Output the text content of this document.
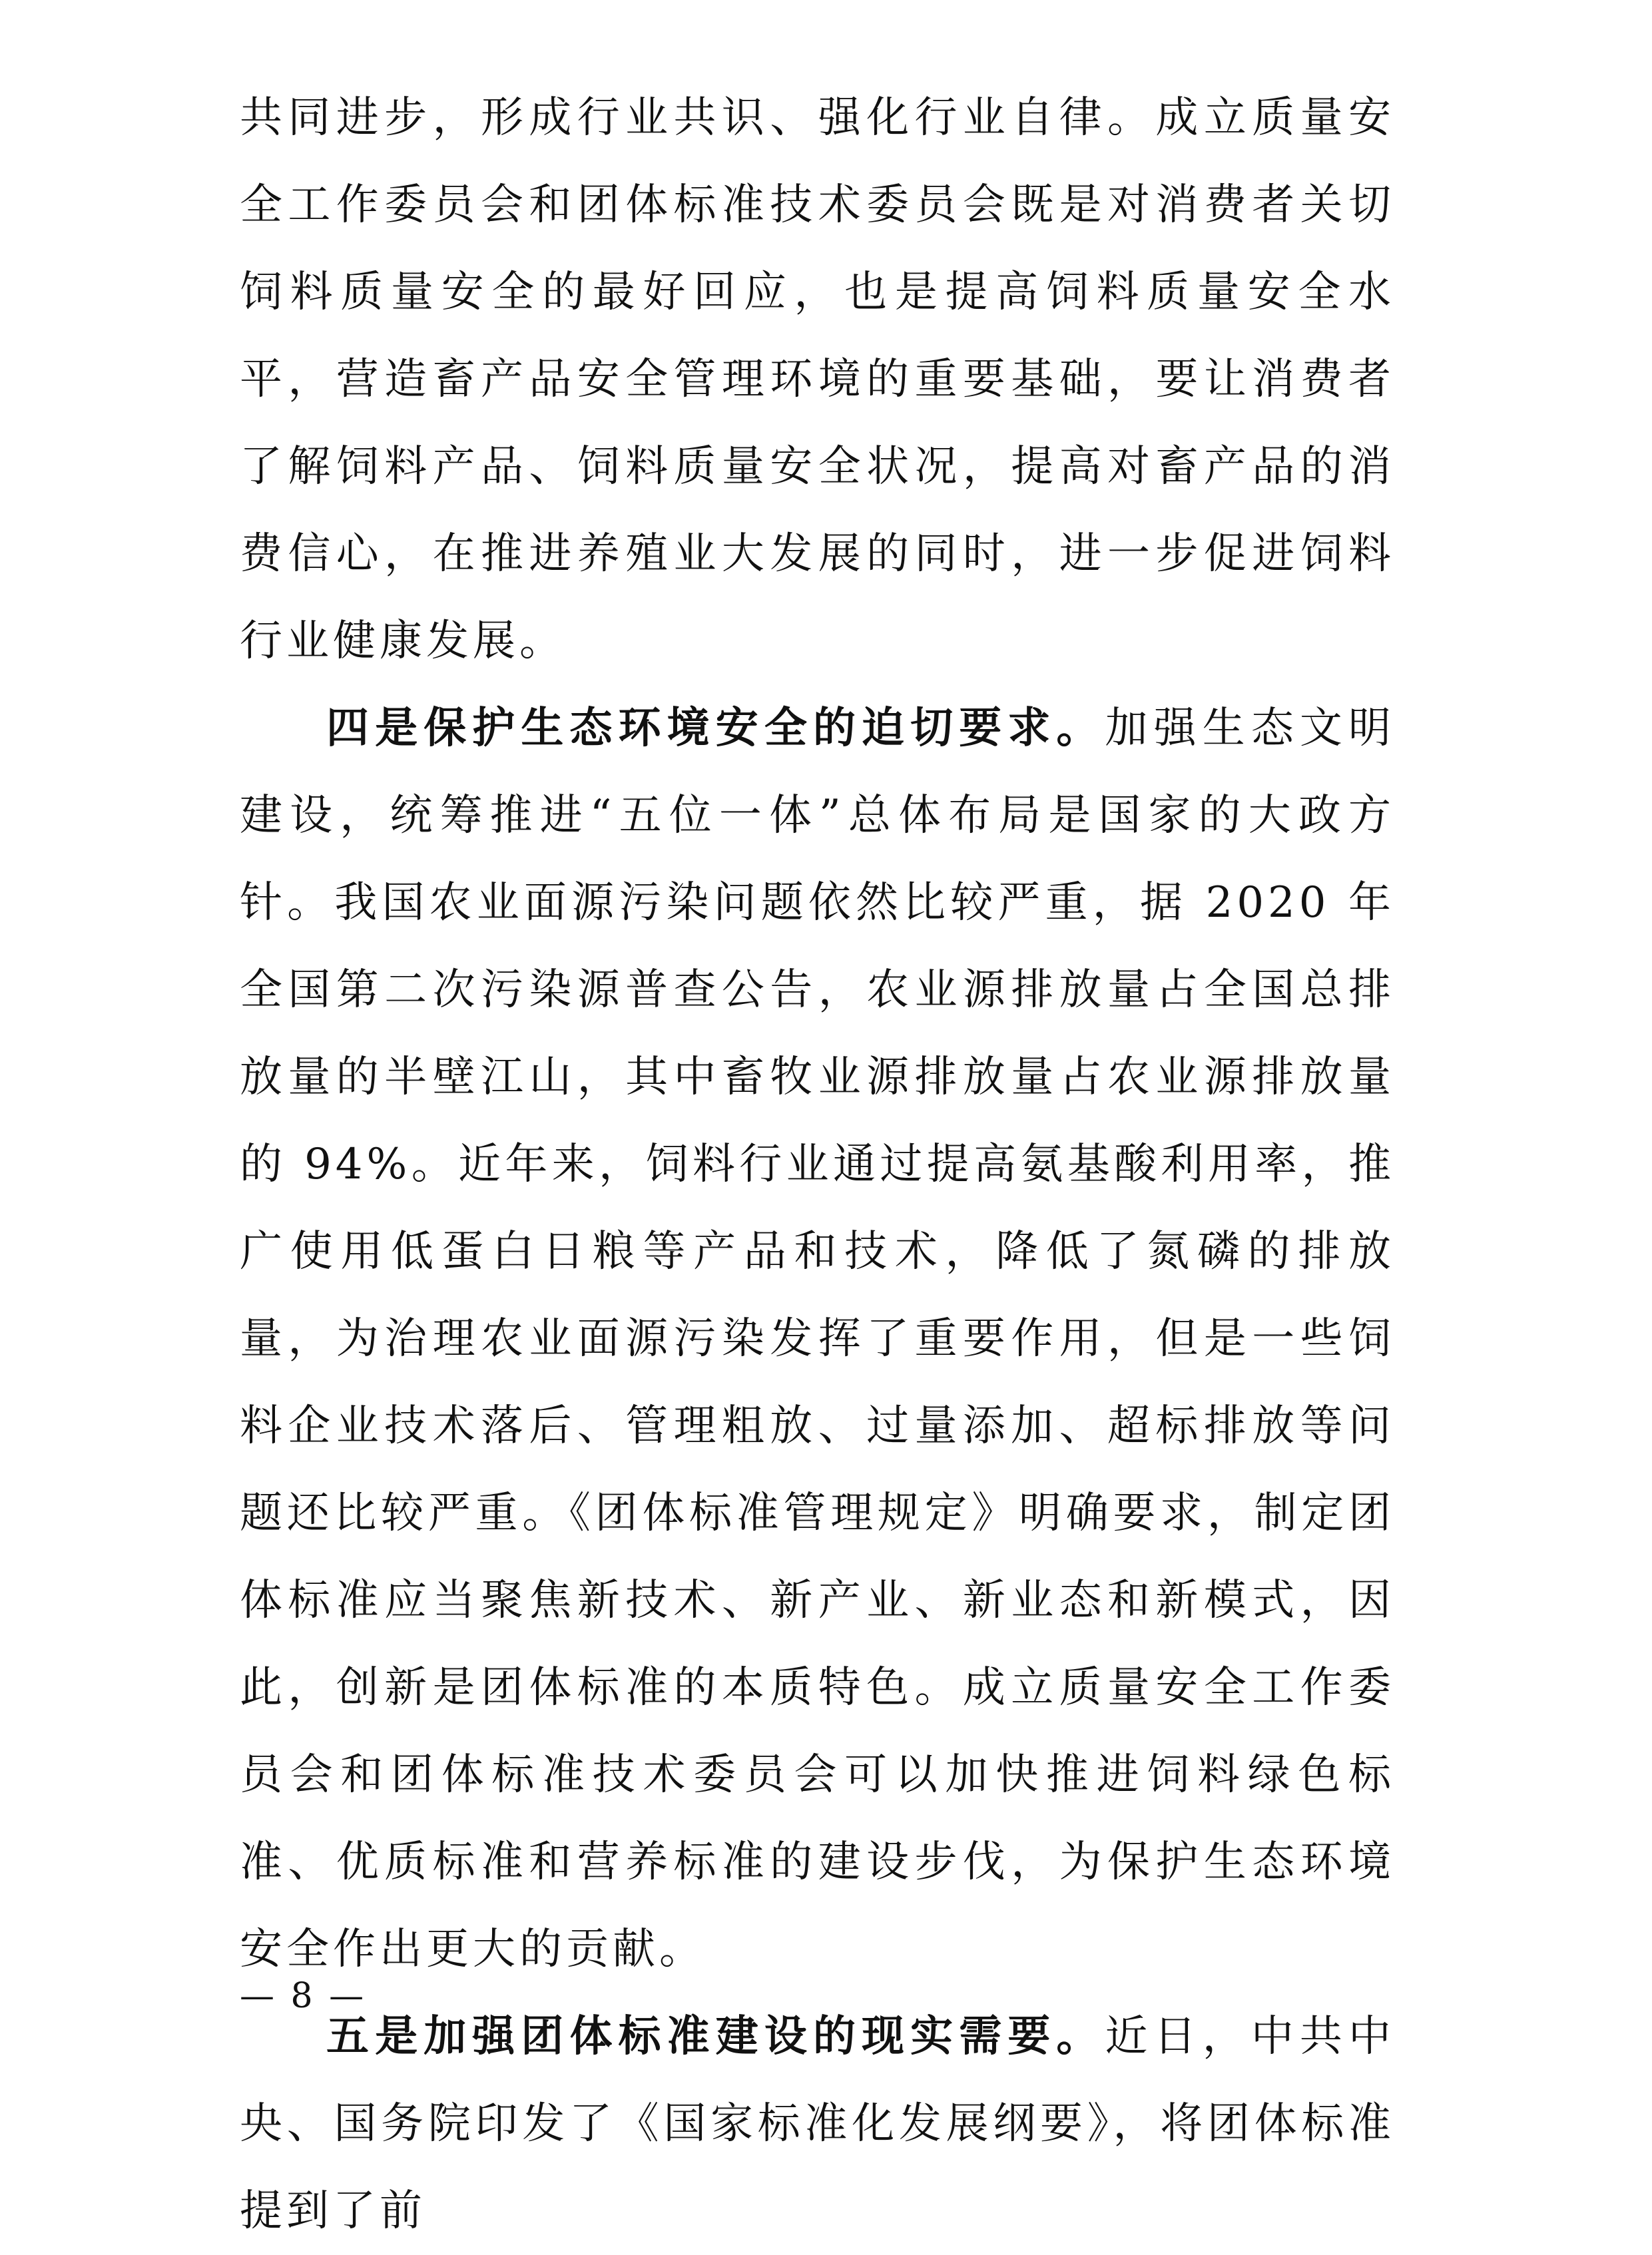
共同进步，形成行业共识、强化行业自律。成立质量安全工作委员会和团体标准技术委员会既是对消费者关切饲料质量安全的最好回应，也是提高饲料质量安全水平，营造畜产品安全管理环境的重要基础，要让消费者了解饲料产品、饲料质量安全状况，提高对畜产品的消费信心，在推进养殖业大发展的同时，进一步促进饲料行业健康发展。

四是保护生态环境安全的迫切要求。加强生态文明建设，统筹推进“五位一体”总体布局是国家的大政方针。我国农业面源污染问题依然比较严重，据 2020 年全国第二次污染源普查公告，农业源排放量占全国总排放量的半壁江山，其中畜牧业源排放量占农业源排放量的 94%。近年来，饲料行业通过提高氨基酸利用率，推广使用低蛋白日粮等产品和技术，降低了氮磷的排放量，为治理农业面源污染发挥了重要作用，但是一些饲料企业技术落后、管理粗放、过量添加、超标排放等问题还比较严重。《团体标准管理规定》明确要求，制定团体标准应当聚焦新技术、新产业、新业态和新模式，因此，创新是团体标准的本质特色。成立质量安全工作委员会和团体标准技术委员会可以加快推进饲料绿色标准、优质标准和营养标准的建设步伐，为保护生态环境安全作出更大的贡献。

五是加强团体标准建设的现实需要。近日，中共中央、国务院印发了《国家标准化发展纲要》，将团体标准提到了前

— 8 —
